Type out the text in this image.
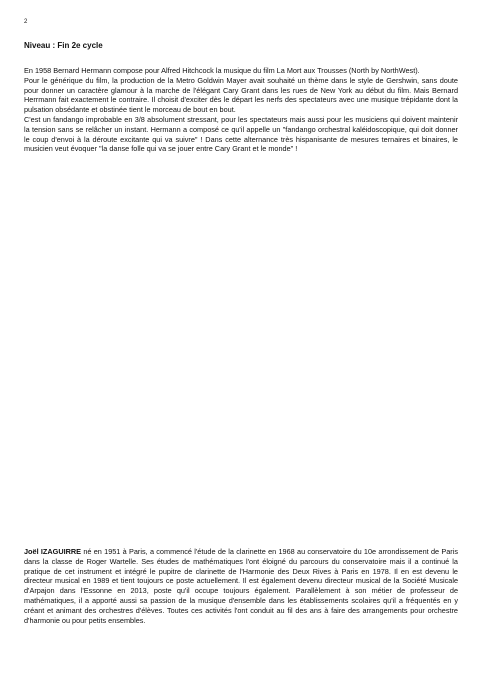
2
Niveau : Fin 2e cycle

En 1958 Bernard Hermann compose pour Alfred Hitchcock la musique du film La Mort aux Trousses (North by NorthWest).

Pour le générique du film, la production de la Metro Goldwin Mayer avait souhaité un thème dans le style de Gershwin, sans doute pour donner un caractère glamour à la marche de l'élégant Cary Grant dans les rues de New York au début du film. Mais Bernard Herrmann fait exactement le contraire. Il choisit d'exciter dès le départ les nerfs des spectateurs avec une musique trépidante dont la pulsation obsédante et obstinée tient le morceau de bout en bout.

C'est un fandango improbable en 3/8 absolument stressant, pour les spectateurs mais aussi pour les musiciens qui doivent maintenir la tension sans se relâcher un instant. Hermann a composé ce qu'il appelle un "fandango orchestral kaléidoscopique, qui doit donner le coup d'envoi à la déroute excitante qui va suivre" ! Dans cette alternance très hispanisante de mesures ternaires et binaires, le musicien veut évoquer "la danse folle qui va se jouer entre Cary Grant et le monde" !

Joël IZAGUIRRE né en 1951 à Paris, a commencé l'étude de la clarinette en 1968 au conservatoire du 10e arrondissement de Paris dans la classe de Roger Wartelle. Ses études de mathématiques l'ont éloigné du parcours du conservatoire mais il a continué la pratique de cet instrument et intégré le pupitre de clarinette de l'Harmonie des Deux Rives à Paris en 1978. Il en est devenu le directeur musical en 1989 et tient toujours ce poste actuellement. Il est également devenu directeur musical de la Société Musicale d'Arpajon dans l'Essonne en 2013, poste qu'il occupe toujours également. Parallèlement à son métier de professeur de mathématiques, il a apporté aussi sa passion de la musique d'ensemble dans les établissements scolaires qu'il a fréquentés en y créant et animant des orchestres d'élèves. Toutes ces activités l'ont conduit au fil des ans à faire des arrangements pour orchestre d'harmonie ou pour petits ensembles.
